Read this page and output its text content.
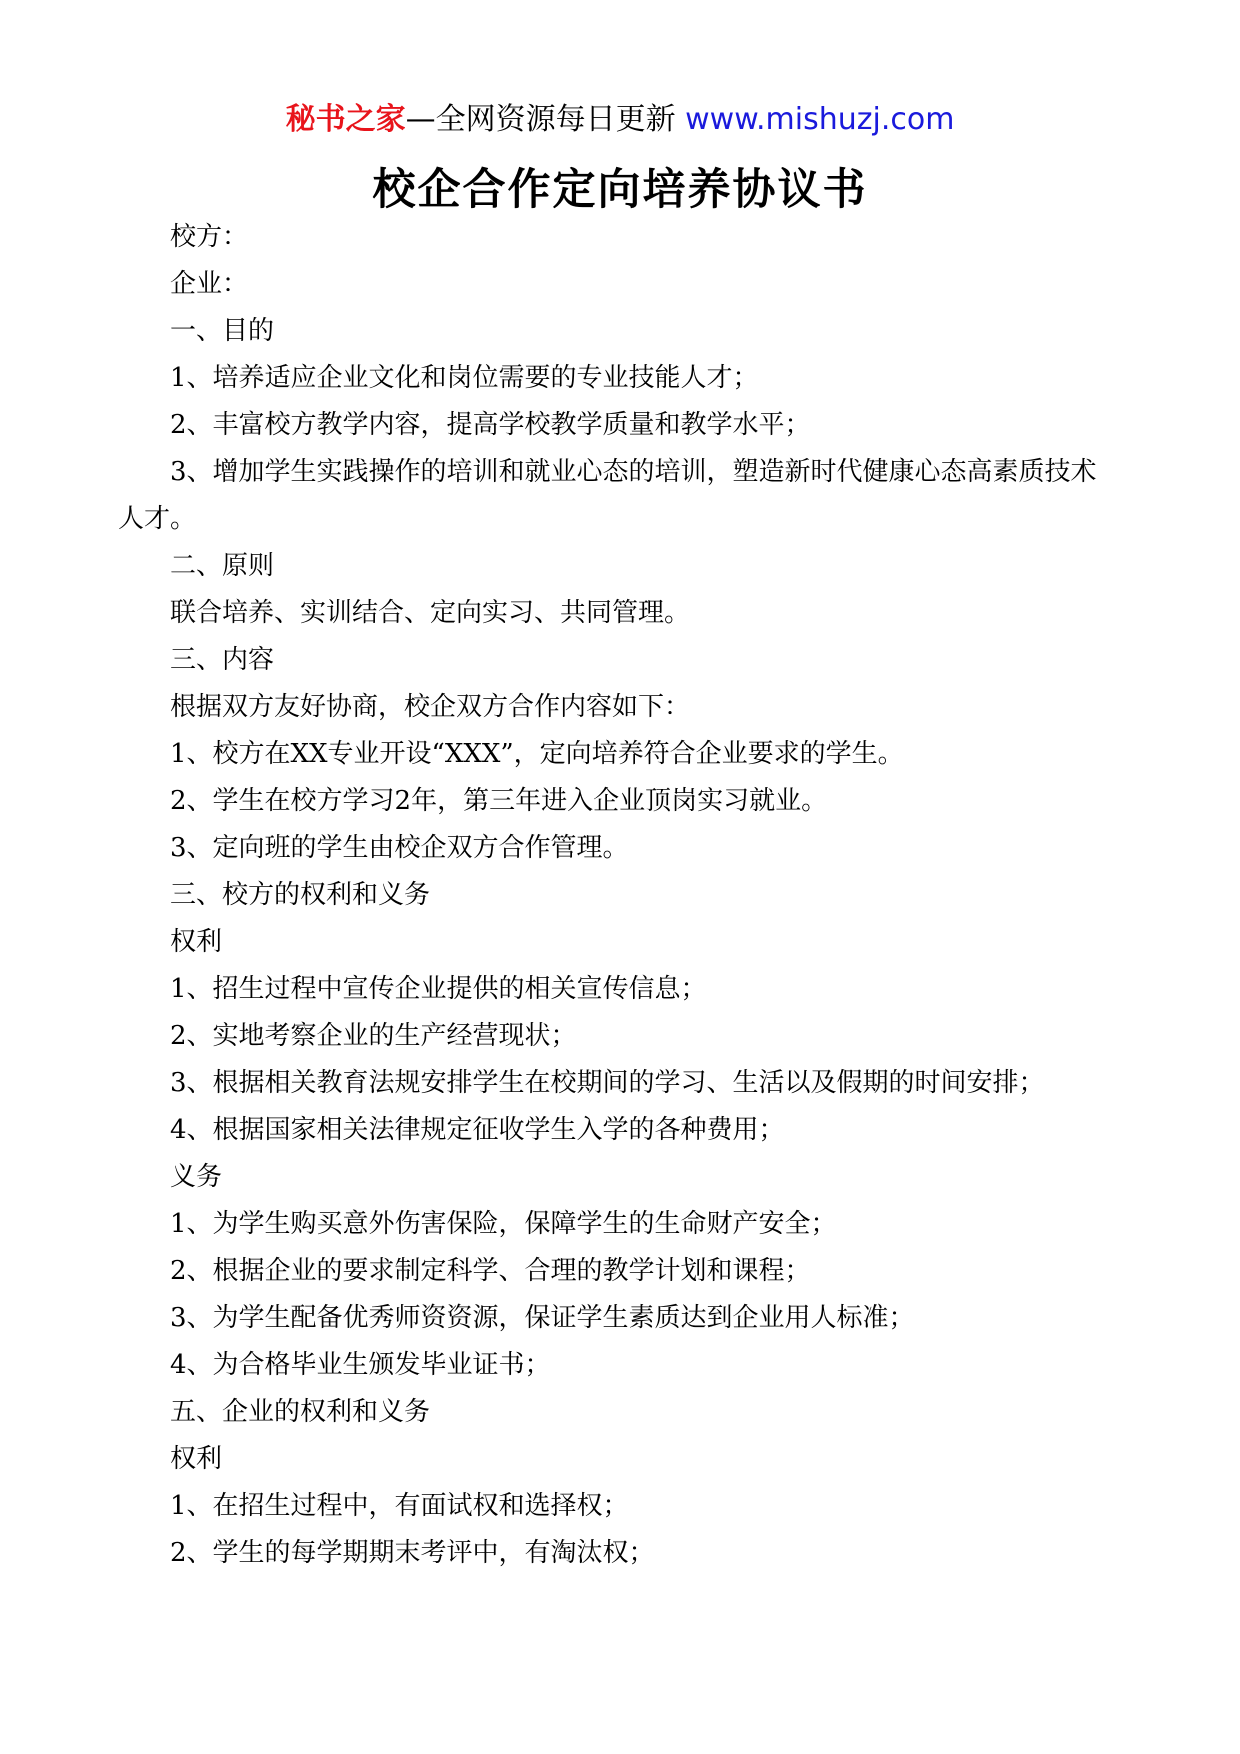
秘书之家—全网资源每日更新 www.mishuzj.com
校企合作定向培养协议书

校方：

企业：

一、目的

1、培养适应企业文化和岗位需要的专业技能人才；

2、丰富校方教学内容，提高学校教学质量和教学水平；

3、增加学生实践操作的培训和就业心态的培训，塑造新时代健康心态高素质技术人才。

二、原则

联合培养、实训结合、定向实习、共同管理。

三、内容

根据双方友好协商，校企双方合作内容如下：

1、校方在XX专业开设“XXX”，定向培养符合企业要求的学生。

2、学生在校方学习2年，第三年进入企业顶岗实习就业。

3、定向班的学生由校企双方合作管理。

三、校方的权利和义务

权利

1、招生过程中宣传企业提供的相关宣传信息；

2、实地考察企业的生产经营现状；

3、根据相关教育法规安排学生在校期间的学习、生活以及假期的时间安排；

4、根据国家相关法律规定征收学生入学的各种费用；

义务

1、为学生购买意外伤害保险，保障学生的生命财产安全；

2、根据企业的要求制定科学、合理的教学计划和课程；

3、为学生配备优秀师资资源，保证学生素质达到企业用人标准；

4、为合格毕业生颁发毕业证书；

五、企业的权利和义务

权利

1、在招生过程中，有面试权和选择权；

2、学生的每学期期末考评中，有淘汰权；
